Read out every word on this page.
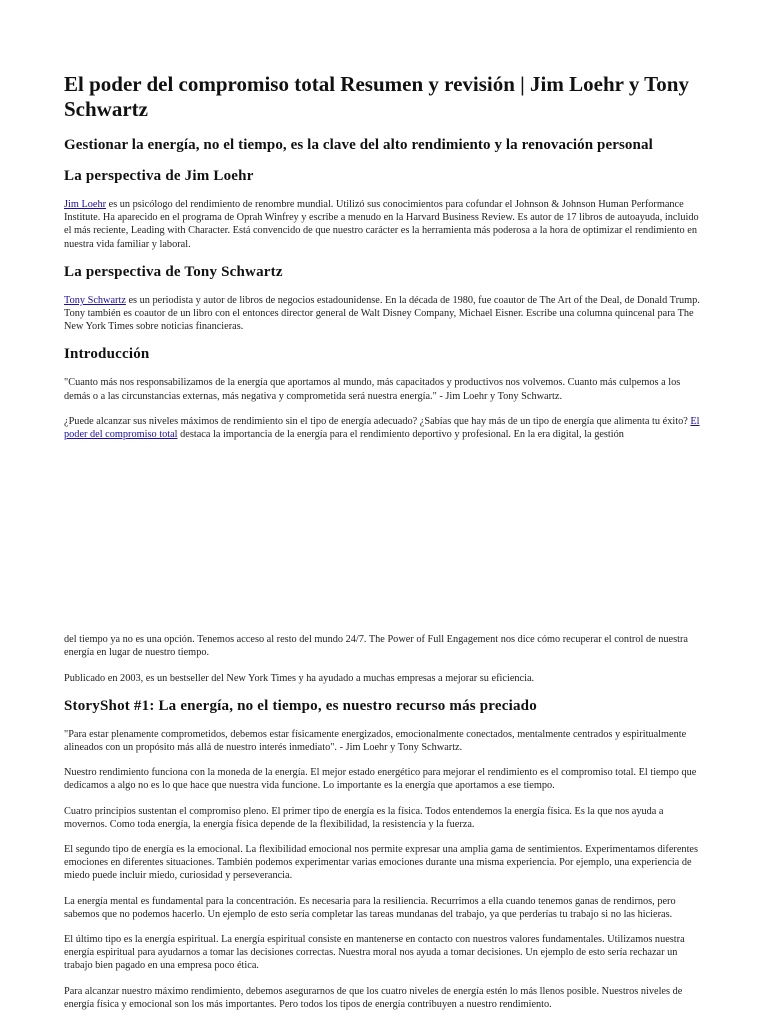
El poder del compromiso total Resumen y revisión | Jim Loehr y Tony Schwartz
Gestionar la energía, no el tiempo, es la clave del alto rendimiento y la renovación personal
La perspectiva de Jim Loehr

Jim Loehr es un psicólogo del rendimiento de renombre mundial. Utilizó sus conocimientos para cofundar el Johnson & Johnson Human Performance Institute. Ha aparecido en el programa de Oprah Winfrey y escribe a menudo en la Harvard Business Review. Es autor de 17 libros de autoayuda, incluido el más reciente, Leading with Character. Está convencido de que nuestro carácter es la herramienta más poderosa a la hora de optimizar el rendimiento en nuestra vida familiar y laboral.

La perspectiva de Tony Schwartz

Tony Schwartz es un periodista y autor de libros de negocios estadounidense. En la década de 1980, fue coautor de The Art of the Deal, de Donald Trump. Tony también es coautor de un libro con el entonces director general de Walt Disney Company, Michael Eisner. Escribe una columna quincenal para The New York Times sobre noticias financieras.

Introducción

"Cuanto más nos responsabilizamos de la energía que aportamos al mundo, más capacitados y productivos nos volvemos. Cuanto más culpemos a los demás o a las circunstancias externas, más negativa y comprometida será nuestra energía." - Jim Loehr y Tony Schwartz.

¿Puede alcanzar sus niveles máximos de rendimiento sin el tipo de energía adecuado? ¿Sabías que hay más de un tipo de energía que alimenta tu éxito? El poder del compromiso total destaca la importancia de la energía para el rendimiento deportivo y profesional. En la era digital, la gestión

del tiempo ya no es una opción. Tenemos acceso al resto del mundo 24/7. The Power of Full Engagement nos dice cómo recuperar el control de nuestra energía en lugar de nuestro tiempo.

Publicado en 2003, es un bestseller del New York Times y ha ayudado a muchas empresas a mejorar su eficiencia.

StoryShot #1: La energía, no el tiempo, es nuestro recurso más preciado

"Para estar plenamente comprometidos, debemos estar físicamente energizados, emocionalmente conectados, mentalmente centrados y espiritualmente alineados con un propósito más allá de nuestro interés inmediato". - Jim Loehr y Tony Schwartz.

Nuestro rendimiento funciona con la moneda de la energía. El mejor estado energético para mejorar el rendimiento es el compromiso total. El tiempo que dedicamos a algo no es lo que hace que nuestra vida funcione. Lo importante es la energía que aportamos a ese tiempo.

Cuatro principios sustentan el compromiso pleno. El primer tipo de energía es la física. Todos entendemos la energía física. Es la que nos ayuda a movernos. Como toda energía, la energía física depende de la flexibilidad, la resistencia y la fuerza.

El segundo tipo de energía es la emocional. La flexibilidad emocional nos permite expresar una amplia gama de sentimientos. Experimentamos diferentes emociones en diferentes situaciones. También podemos experimentar varias emociones durante una misma experiencia. Por ejemplo, una experiencia de miedo puede incluir miedo, curiosidad y perseverancia.

La energía mental es fundamental para la concentración. Es necesaria para la resiliencia. Recurrimos a ella cuando tenemos ganas de rendirnos, pero sabemos que no podemos hacerlo. Un ejemplo de esto sería completar las tareas mundanas del trabajo, ya que perderías tu trabajo si no las hicieras.

El último tipo es la energía espiritual. La energía espiritual consiste en mantenerse en contacto con nuestros valores fundamentales. Utilizamos nuestra energía espiritual para ayudarnos a tomar las decisiones correctas. Nuestra moral nos ayuda a tomar decisiones. Un ejemplo de esto sería rechazar un trabajo bien pagado en una empresa poco ética.

Para alcanzar nuestro máximo rendimiento, debemos asegurarnos de que los cuatro niveles de energía estén lo más llenos posible. Nuestros niveles de energía física y emocional son los más importantes. Pero todos los tipos de energía contribuyen a nuestro rendimiento.
